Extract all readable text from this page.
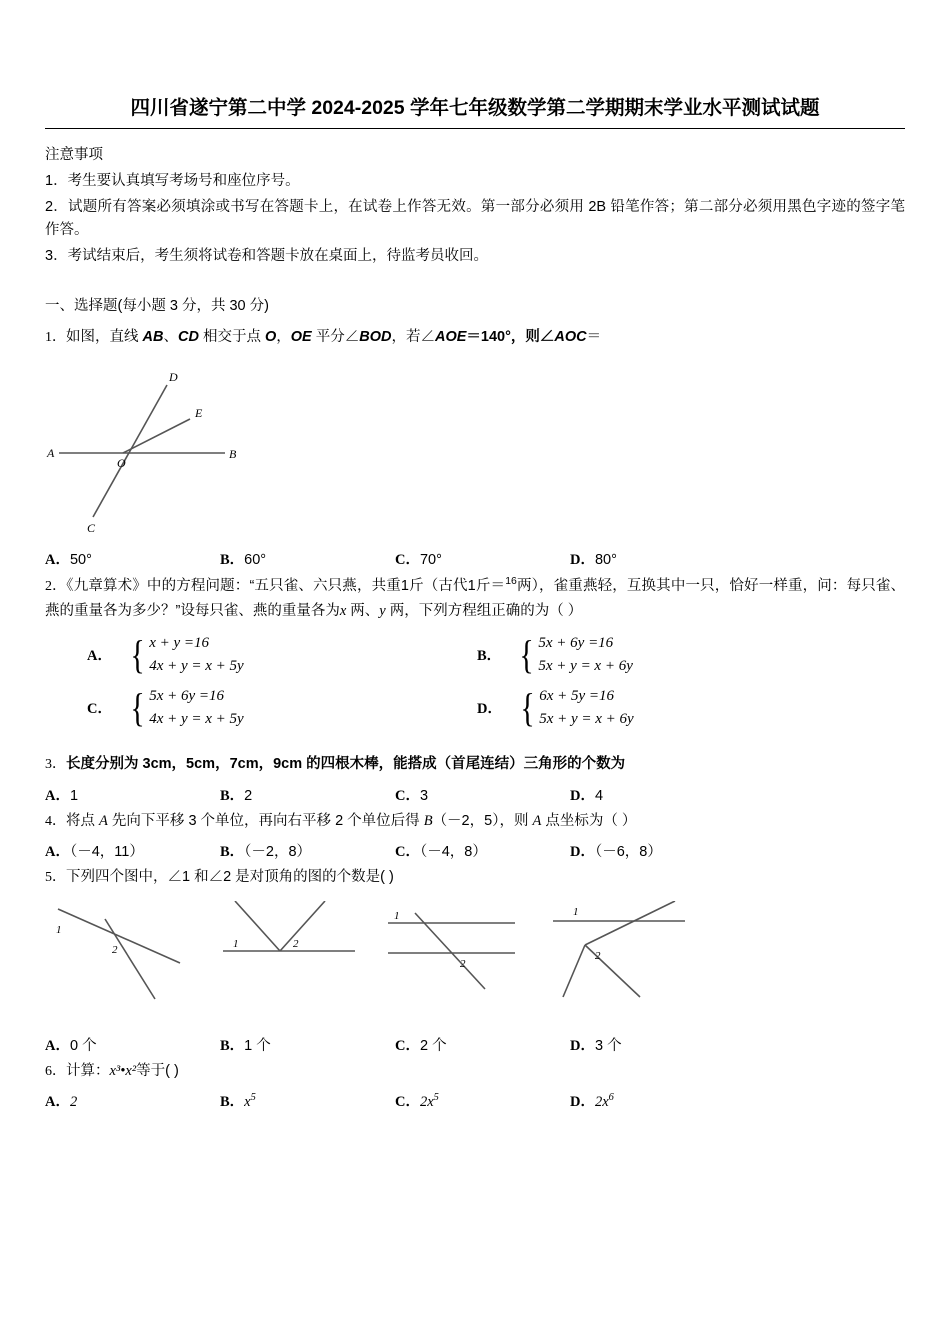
四川省遂宁第二中学 2024-2025 学年七年级数学第二学期期末学业水平测试试题
注意事项
1．考生要认真填写考场号和座位序号。
2．试题所有答案必须填涂或书写在答题卡上，在试卷上作答无效。第一部分必须用 2B 铅笔作答；第二部分必须用黑色字迹的签字笔作答。
3．考试结束后，考生须将试卷和答题卡放在桌面上，待监考员收回。
一、选择题(每小题 3 分，共 30 分)
1．如图，直线 AB、CD 相交于点 O，OE 平分∠BOD，若∠AOE＝140°，则∠AOC＝
A	B
C
D
E
O
A．50°	B．60°	C．70°	D．80°
2．《九章算术》中的方程问题：“五只雀、六只燕，共重1斤（古代1斤＝$^{16}$两），雀重燕轻，互换其中一只，恰好一样重，问：每只雀、燕的重量各为多少？”设每只雀、燕的重量各为x 两、y 两，下列方程组正确的为（ ）
A． { x + y =16
4x + y = x + 5y
B． { 5x + 6y =16
5x + y = x + 6y
C． { 5x + 6y =16
4x + y = x + 5y
D． { 6x + 5y =16
5x + y = x + 6y
3．长度分别为 3cm，5cm，7cm，9cm 的四根木棒，能搭成（首尾连结）三角形的个数为
A．1	B．2	C．3	D．4
4．将点 A 先向下平移 3 个单位，再向右平移 2 个单位后得 B（－2，5），则 A 点坐标为（ ）
A．（－4，11）	B．（－2，8）	C．（－4，8）	D．（－6，8）
5．下列四个图中，∠1 和∠2 是对顶角的图的个数是( )
1
2	1	2
1
2
1
2
A．0 个	B．1 个	C．2 个	D．3 个
6．计算：x³•x²等于( )
A．2	B．$x^5$	C．$2x^5$	D．$2x^6$
